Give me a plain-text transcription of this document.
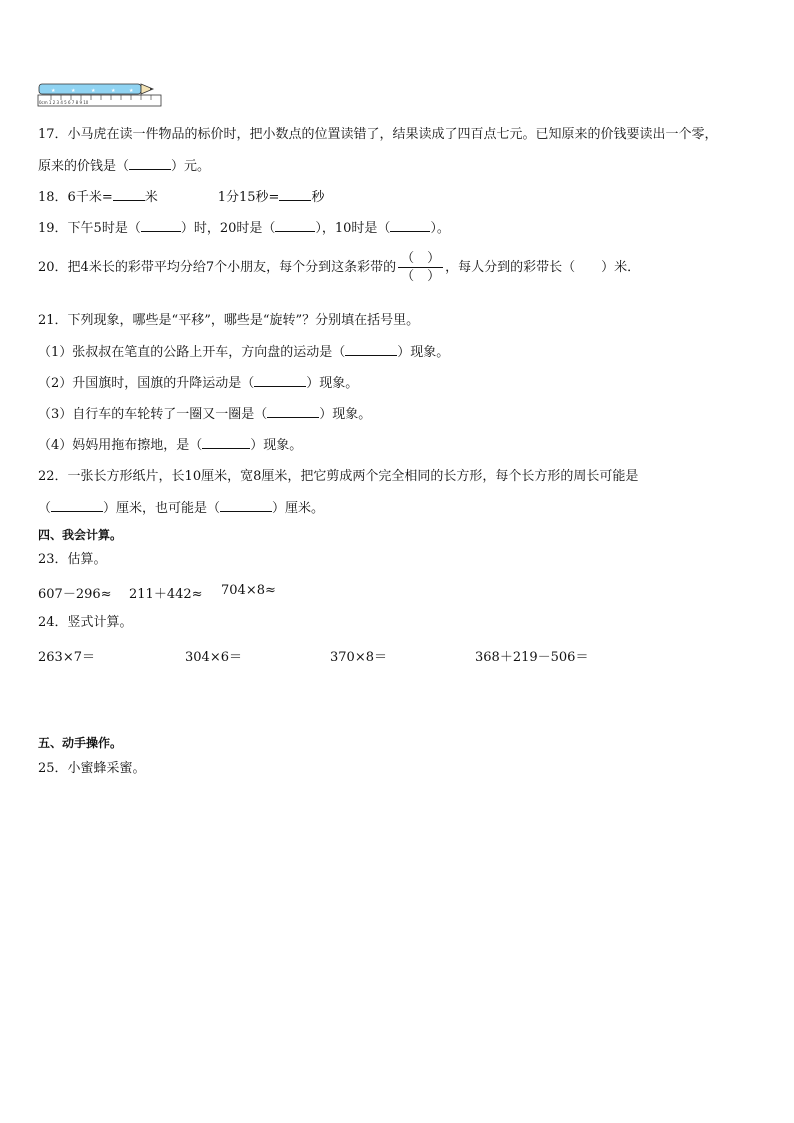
★	★	★	★	★
0cm 1 2 3 4 5 6 7 8 9 10
17．小马虎在读一件物品的标价时，把小数点的位置读错了，结果读成了四百点七元。已知原来的价钱要读出一个零，
原来的价钱是（	）元。
18．6千米= 米	1分15秒= 秒
19．下午5时是（	）时，20时是（	），10时是（	）。
20．把4米长的彩带平均分给7个小朋友，每个分到这条彩带的 $\frac{( )}{( )}$ ，每人分到的彩带长（　　）米．
21．下列现象，哪些是“平移”，哪些是“旋转”？分别填在括号里。
（1）张叔叔在笔直的公路上开车，方向盘的运动是（	）现象。
（2）升国旗时，国旗的升降运动是（	）现象。
（3）自行车的车轮转了一圈又一圈是（	）现象。
（4）妈妈用拖布擦地，是（	）现象。
22．一张长方形纸片，长10厘米，宽8厘米，把它剪成两个完全相同的长方形，每个长方形的周长可能是
（	）厘米，也可能是（	）厘米。
四、我会计算。
23．估算。
607－296≈ 211＋442≈ 704×8≈
24．竖式计算。
263×7＝	304×6＝	370×8＝	368＋219－506＝
五、动手操作。
25．小蜜蜂采蜜。
